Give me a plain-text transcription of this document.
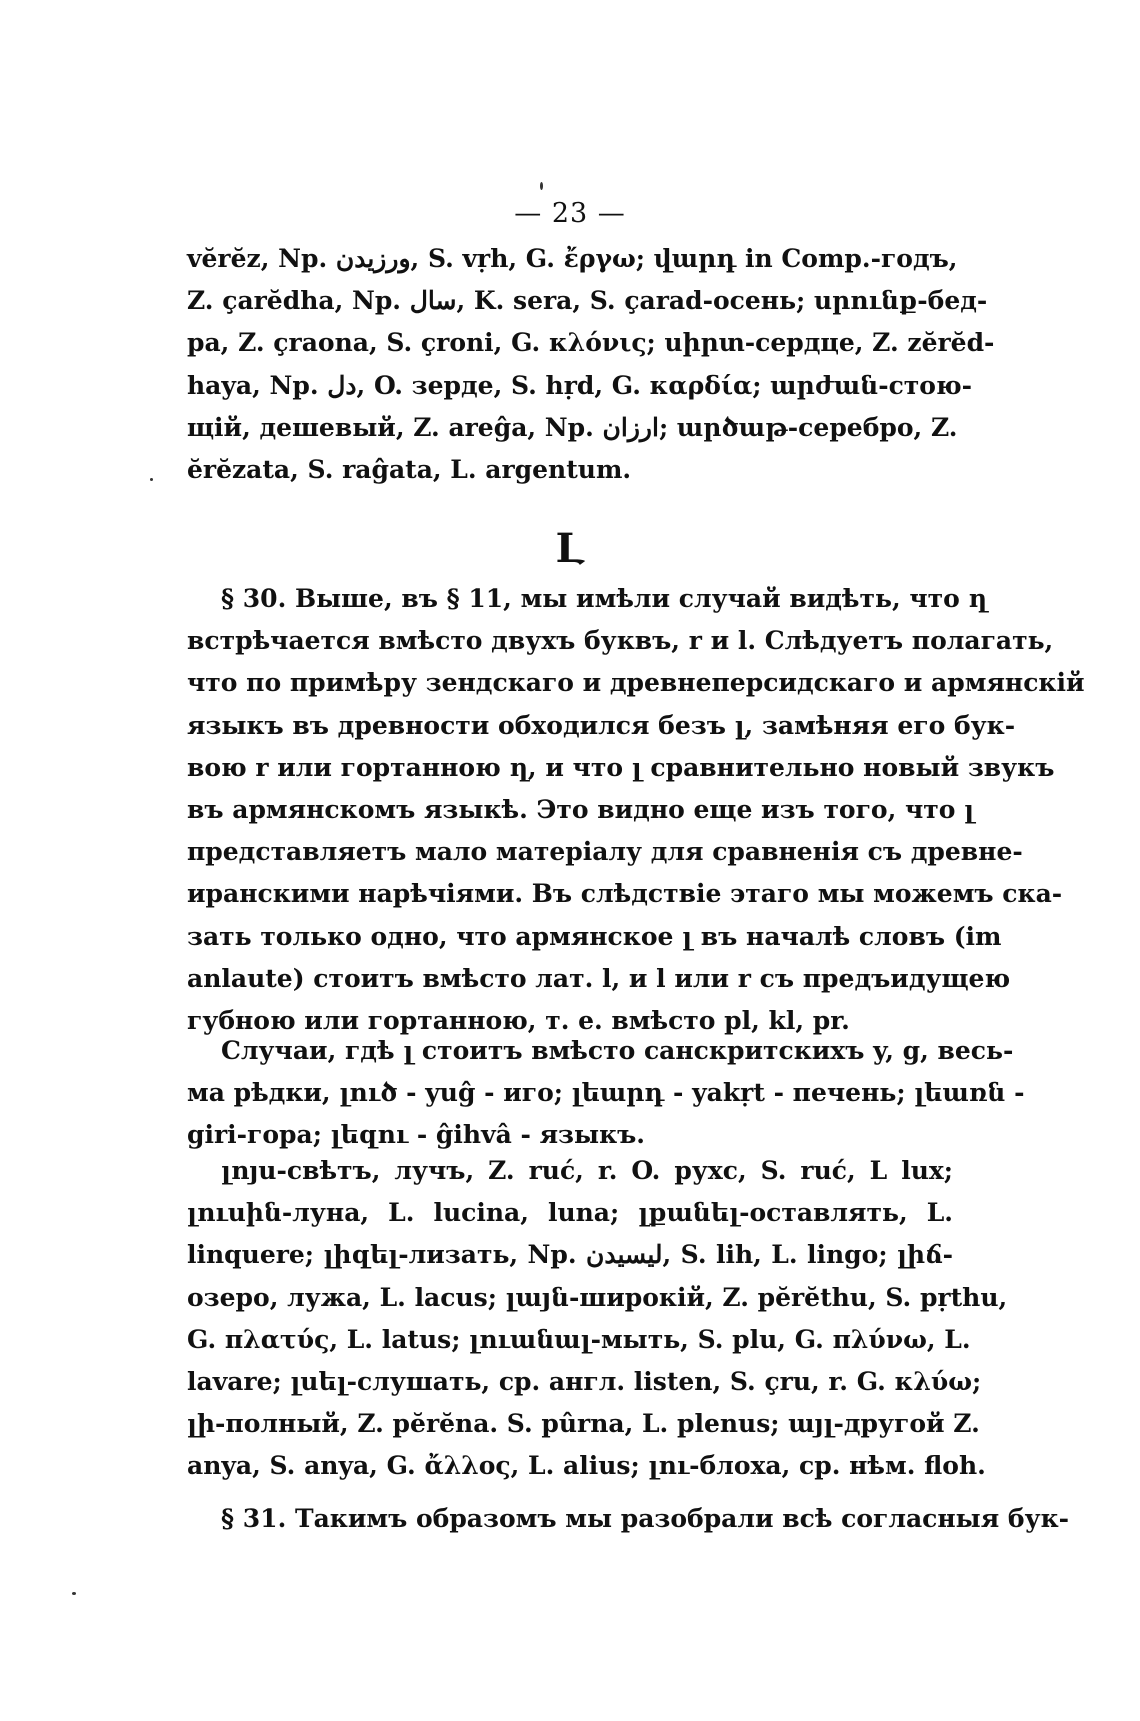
— 23 —
vĕrĕz, Np. ورزيدن, S. vṛh, G. ἔργω; վարդ in Comp.-годъ,
Z. çarĕdha, Np. سال, K. sera, S. çarad-осень; սրունք-бед-
ра, Z. çraona, S. çroni, G. κλόνις; սիրտ-сердце, Z. zĕrĕd-
haya, Np. دل, O. зерде, S. hṛd, G. καρδία; արժան-стою-
щій, дешевый, Z. areĝa, Np. ارزان; արծաթ-серебро, Z.
ĕrĕzata, S. raĝata, L. argentum.
Լ
§ 30. Выше, въ § 11, мы имѣли случай видѣть, что ղ
встрѣчается вмѣсто двухъ буквъ, r и l. Слѣдуетъ полагать,
что по примѣру зендскаго и древнеперсидскаго и армянскій
языкъ въ древности обходился безъ լ, замѣняя его бук-
вою r или гортанною ղ, и что լ сравнительно новый звукъ
въ армянскомъ языкѣ. Это видно еще изъ того, что լ
представляетъ мало матеріалу для сравненія съ древне-
иранскими нарѣчіями. Въ слѣдствіе этаго мы можемъ ска-
зать только одно, что армянское լ въ началѣ словъ (im
anlaute) стоитъ вмѣсто лат. l, и l или r съ предъидущею
губною или гортанною, т. е. вмѣсто pl, kl, pr.
Случаи, гдѣ լ стоитъ вмѣсто санскритскихъ y, g, весь-
ма рѣдки, լուծ - yuĝ - иго; լեարդ - yakṛt - печень; լեառն -
giri-гора; լեզու - ĝihvâ - языкъ.
լոյս-свѣтъ, лучъ, Z. ruć, r. O. рухс, S. ruć, L lux;
լուսին-луна, L. lucina, luna; լքանել-оставлять, L.
linquere; լիզել-лизать, Np. ليسيدن, S. lih, L. lingo; լիճ-
озеро, лужа, L. lacus; լայն-широкій, Z. pĕrĕthu, S. pṛthu,
G. πλατύς, L. latus; լուանալ-мыть, S. plu, G. πλύνω, L.
lavare; լսել-слушать, ср. англ. listen, S. çru, r. G. κλύω;
լի-полный, Z. pĕrĕna. S. pûrna, L. plenus; այլ-другой Z.
anya, S. anya, G. ἄλλος, L. alius; լու-блоха, ср. нѣм. floh.
§ 31. Такимъ образомъ мы разобрали всѣ согласныя бук-
